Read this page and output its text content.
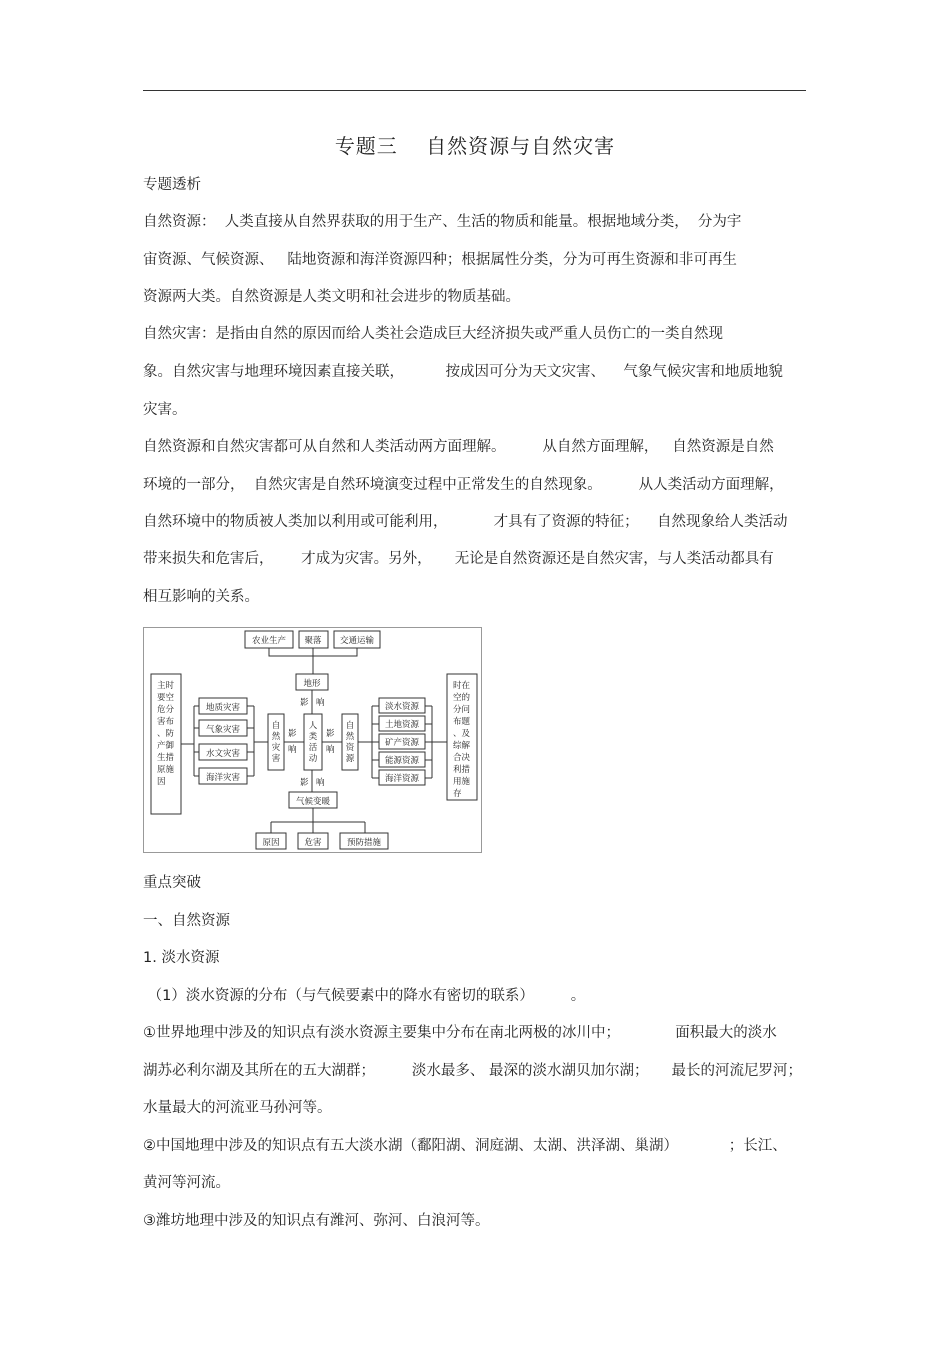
专题三　 自然资源与自然灾害
专题透析
自然资源：  人类直接从自然界获取的用于生产、生活的物质和能量。根据地域分类，  分为宇
宙资源、气候资源、   陆地资源和海洋资源四种；根据属性分类，分为可再生资源和非可再生
资源两大类。自然资源是人类文明和社会进步的物质基础。
自然灾害：是指由自然的原因而给人类社会造成巨大经济损失或严重人员伤亡的一类自然现
象。自然灾害与地理环境因素直接关联，         按成因可分为天文灾害、    气象气候灾害和地质地貌
灾害。
自然资源和自然灾害都可从自然和人类活动两方面理解。        从自然方面理解，   自然资源是自然
环境的一部分，  自然灾害是自然环境演变过程中正常发生的自然现象。        从人类活动方面理解，
自然环境中的物质被人类加以利用或可能利用，          才具有了资源的特征；    自然现象给人类活动
带来损失和危害后，      才成为灾害。另外，     无论是自然资源还是自然灾害，与人类活动都具有
相互影响的关系。
农业生产 聚落 交通运输
地形
影 响
主时
要空
危分
害布
、防
产御
生措
原施
因
地质灾害
气象灾害
水文灾害
海洋灾害
自
然
灾
害
影
响
人
类
活
动
影
响
自
然
资
源
淡水资源
土地资源
矿产资源
能源资源
海洋资源
时在
空的
分问
布题
、及
综解
合决
利措
用施
存
影 响
气候变暖
原因	危害	预防措施
重点突破
一、自然资源
1. 淡水资源
（1）淡水资源的分布（与气候要素中的降水有密切的联系）        。
①世界地理中涉及的知识点有淡水资源主要集中分布在南北两极的冰川中；            面积最大的淡水
湖苏必利尔湖及其所在的五大湖群；        淡水最多、 最深的淡水湖贝加尔湖；     最长的河流尼罗河；
水量最大的河流亚马孙河等。
②中国地理中涉及的知识点有五大淡水湖（鄱阳湖、洞庭湖、太湖、洪泽湖、巢湖）           ；长江、
黄河等河流。
③潍坊地理中涉及的知识点有潍河、弥河、白浪河等。
